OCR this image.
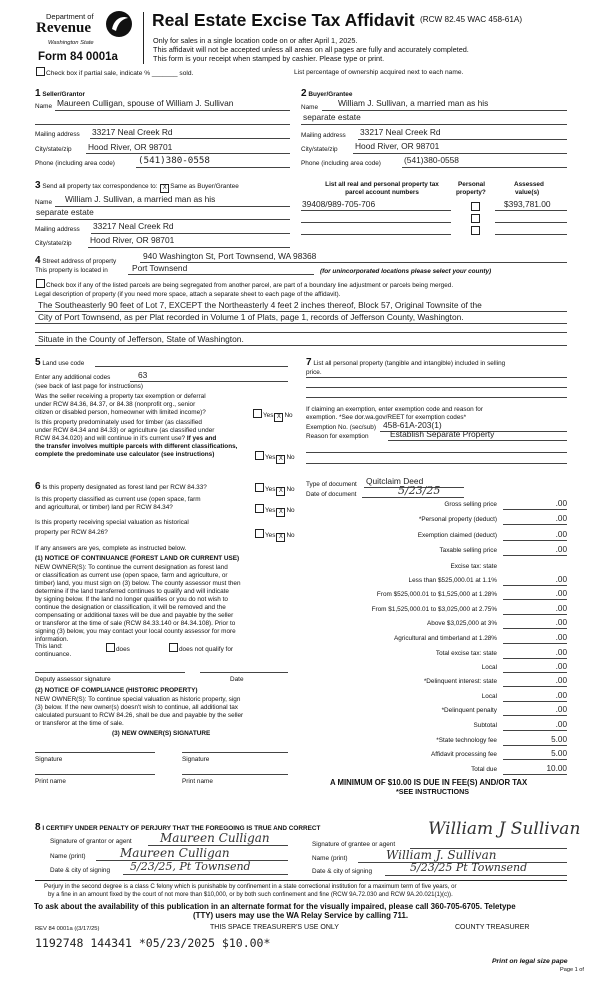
Department of
Revenue
Washington State
Form 84 0001a
Real Estate Excise Tax Affidavit (RCW 82.45 WAC 458-61A)
Only for sales in a single location code on or after April 1, 2025.
This affidavit will not be accepted unless all areas on all pages are fully and accurately completed.
This form is your receipt when stamped by cashier. Please type or print.
Check box if partial sale, indicate % _______ sold.	List percentage of ownership acquired next to each name.
1 Seller/Grantor
Name Maureen Culligan, spouse of William J. Sullivan
Mailing address 33217 Neal Creek Rd
City/state/zip Hood River, OR 98701
Phone (including area code)	(541)380-0558
2 Buyer/Grantee
Name William J. Sullivan, a married man as his
separate estate
Mailing address 33217 Neal Creek Rd
City/state/zip Hood River, OR 98701
Phone (including area code)	(541)380-0558
3 Send all property tax correspondence to: X Same as Buyer/Grantee
Name William J. Sullivan, a married man as his
separate estate
Mailing address 33217 Neal Creek Rd
City/state/zip Hood River, OR 98701
List all real and personal property tax
parcel account numbers
Personal
property?
Assessed
value(s)
39408/989-705-706	$393,781.00
4 Street address of property
940 Washington St, Port Townsend, WA 98368
This property is located in	Port Townsend	(for unincorporated locations please select your county)
Check box if any of the listed parcels are being segregated from another parcel, are part of a boundary line adjustment or parcels being merged.
Legal description of property (if you need more space, attach a separate sheet to each page of the affidavit).
The Southeasterly 90 feet of Lot 7, EXCEPT the Northeasterly 4 feet 2 inches thereof, Block 57, Original Townsite of the
City of Port Townsend, as per Plat recorded in Volume 1 of Plats, page 1, records of Jefferson County, Washington.
Situate in the County of Jefferson, State of Washington.
5 Land use code
Enter any additional codes	63
(see back of last page for instructions)
Was the seller receiving a property tax exemption or deferral
under RCW 84.36, 84.37, or 84.38 (nonprofit org., senior
citizen or disabled person, homeowner with limited income)?	Yes X No
Is this property predominately used for timber (as classified
under RCW 84.34 and 84.33) or agriculture (as classified under
RCW 84.34.020) and will continue in it's current use? If yes and
the transfer involves multiple parcels with different classifications,
complete the predominate use calculator (see instructions)	Yes X No
7 List all personal property (tangible and intangible) included in selling
price.
If claiming an exemption, enter exemption code and reason for
exemption. *See dor.wa.gov/REET for exemption codes*
Exemption No. (sec/sub) 458-61A-203(1)
Reason for exemption	Establish Separate Property
6 Is this property designated as forest land per RCW 84.33?	Yes X No
Is this property classified as current use (open space, farm
and agricultural, or timber) land per RCW 84.34?	Yes X No
Is this property receiving special valuation as historical
property per RCW 84.26?	Yes X No
If any answers are yes, complete as instructed below.
(1) NOTICE OF CONTINUANCE (FOREST LAND OR CURRENT USE)
NEW OWNER(S): To continue the current designation as forest land
or classification as current use (open space, farm and agriculture, or
timber) land, you must sign on (3) below. The county assessor must then
determine if the land transferred continues to qualify and will indicate
by signing below. If the land no longer qualifies or you do not wish to
continue the designation or classification, it will be removed and the
compensating or additional taxes will be due and payable by the seller
or transferor at the time of sale (RCW 84.33.140 or 84.34.108). Prior to
signing (3) below, you may contact your local county assessor for more
information.
This land:	does	does not qualify for
continuance.
Deputy assessor signature	Date
(2) NOTICE OF COMPLIANCE (HISTORIC PROPERTY)
NEW OWNER(S): To continue special valuation as historic property, sign
(3) below. If the new owner(s) doesn't wish to continue, all additional tax
calculated pursuant to RCW 84.26, shall be due and payable by the seller
or transferor at the time of sale.
(3) NEW OWNER(S) SIGNATURE
Signature	Signature
Print name	Print name
Type of document Quitclaim Deed
Date of document	5/23/25
Gross selling price	.00
*Personal property (deduct)	.00
Exemption claimed (deduct)	.00
Taxable selling price	.00
Excise tax: state
Less than $525,000.01 at 1.1%	.00
From $525,000.01 to $1,525,000 at 1.28%	.00
From $1,525,000.01 to $3,025,000 at 2.75%	.00
Above $3,025,000 at 3%	.00
Agricultural and timberland at 1.28%	.00
Total excise tax: state	.00
Local	.00
*Delinquent interest: state	.00
Local	.00
*Delinquent penalty	.00
Subtotal	.00
*State technology fee	5.00
Affidavit processing fee	5.00
Total due	10.00
A MINIMUM OF $10.00 IS DUE IN FEE(S) AND/OR TAX
*SEE INSTRUCTIONS
8 I CERTIFY UNDER PENALTY OF PERJURY THAT THE FOREGOING IS TRUE AND CORRECT
Signature of grantor or agent Maureen Culligan
Name (print)	Maureen Culligan
Date & city of signing 5/23/25, Pt Townsend
Signature of grantee or agent
William J Sullivan
Name (print)	William J. Sullivan
Date & city of signing	5/23/25 Pt Townsend
Perjury in the second degree is a class C felony which is punishable by confinement in a state correctional institution for a maximum term of five years, or
by a fine in an amount fixed by the court of not more than $10,000, or by both such confinement and fine (RCW 9A.72.030 and RCW 9A.20.021(1)(c)).
To ask about the availability of this publication in an alternate format for the visually impaired, please call 360-705-6705. Teletype
(TTY) users may use the WA Relay Service by calling 711.
REV 84 0001a ((3/17/25)	THIS SPACE TREASURER'S USE ONLY	COUNTY TREASURER
1192748 144341 *05/23/2025 $10.00*
Print on legal size pape
Page 1 of
